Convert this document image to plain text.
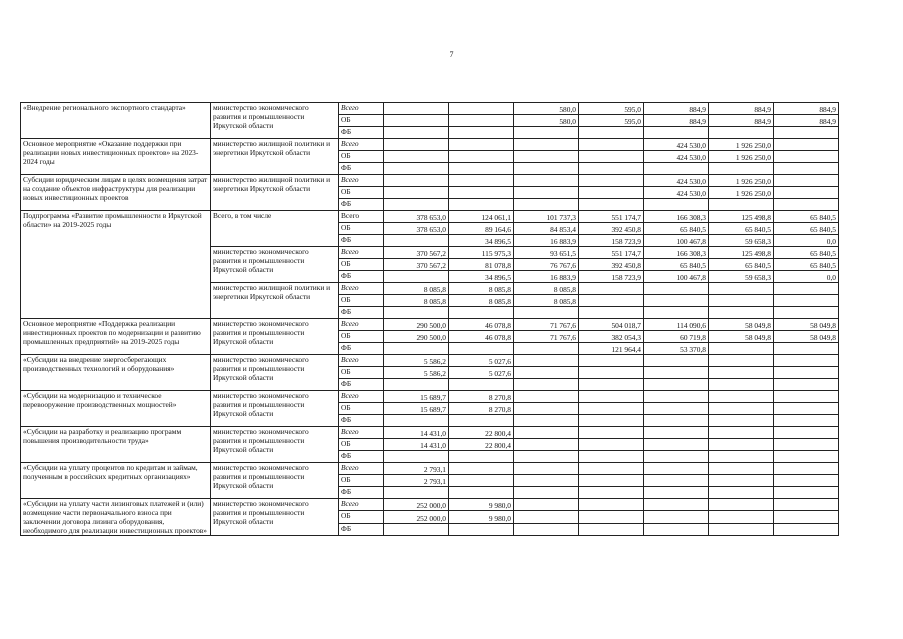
7
«Внедрение регионального экспортного стандарта»	министерство экономического развития и промышленности Иркутской области	Всего			580,0	595,0	884,9	884,9	884,9
		ОБ			580,0	595,0	884,9	884,9	884,9
		ФБ							
Основное мероприятие «Оказание поддержки при реализации новых инвестиционных проектов» на 2023-2024 годы	министерство жилищной политики и энергетики Иркутской области	Всего					424 530,0	1 926 250,0	
		ОБ					424 530,0	1 926 250,0	
		ФБ							
Субсидии юридическим лицам в целях возмещения затрат на создание объектов инфраструктуры для реализации новых инвестиционных проектов	министерство жилищной политики и энергетики Иркутской области	Всего					424 530,0	1 926 250,0	
		ОБ					424 530,0	1 926 250,0	
		ФБ							
Подпрограмма «Развитие промышленности в Иркутской области» на 2019-2025 годы	Всего, в том числе	Всего	378 653,0	124 061,1	101 737,3	551 174,7	166 308,3	125 498,8	65 840,5
		ОБ	378 653,0	89 164,6	84 853,4	392 450,8	65 840,5	65 840,5	65 840,5
		ФБ		34 896,5	16 883,9	158 723,9	100 467,8	59 658,3	0,0
	министерство экономического развития и промышленности Иркутской области	Всего	370 567,2	115 975,3	93 651,5	551 174,7	166 308,3	125 498,8	65 840,5
		ОБ	370 567,2	81 078,8	76 767,6	392 450,8	65 840,5	65 840,5	65 840,5
		ФБ		34 896,5	16 883,9	158 723,9	100 467,8	59 658,3	0,0
	министерство жилищной политики и энергетики Иркутской области	Всего	8 085,8	8 085,8	8 085,8				
		ОБ	8 085,8	8 085,8	8 085,8				
		ФБ							
Основное мероприятие «Поддержка реализации инвестиционных проектов по модернизации и развитию промышленных предприятий» на 2019-2025 годы	министерство экономического развития и промышленности Иркутской области	Всего	290 500,0	46 078,8	71 767,6	504 018,7	114 090,6	58 049,8	58 049,8
		ОБ	290 500,0	46 078,8	71 767,6	382 054,3	60 719,8	58 049,8	58 049,8
		ФБ				121 964,4	53 370,8		
«Субсидии на внедрение энергосберегающих производственных технологий и оборудования»	министерство экономического развития и промышленности Иркутской области	Всего	5 586,2	5 027,6					
		ОБ	5 586,2	5 027,6					
		ФБ							
«Субсидии на модернизацию и техническое перевооружение производственных мощностей»	министерство экономического развития и промышленности Иркутской области	Всего	15 689,7	8 270,8					
		ОБ	15 689,7	8 270,8					
		ФБ							
«Субсидии на разработку и реализацию программ повышения производительности труда»	министерство экономического развития и промышленности Иркутской области	Всего	14 431,0	22 800,4					
		ОБ	14 431,0	22 800,4					
		ФБ							
«Субсидии на уплату процентов по кредитам и займам, полученным в российских кредитных организациях»	министерство экономического развития и промышленности Иркутской области	Всего	2 793,1						
		ОБ	2 793,1						
		ФБ							
«Субсидии на уплату части лизинговых платежей и (или) возмещение части первоначального взноса при заключении договора лизинга оборудования, необходимого для реализации инвестиционных проектов»	министерство экономического развития и промышленности Иркутской области	Всего	252 000,0	9 980,0					
		ОБ	252 000,0	9 980,0					
		ФБ							
